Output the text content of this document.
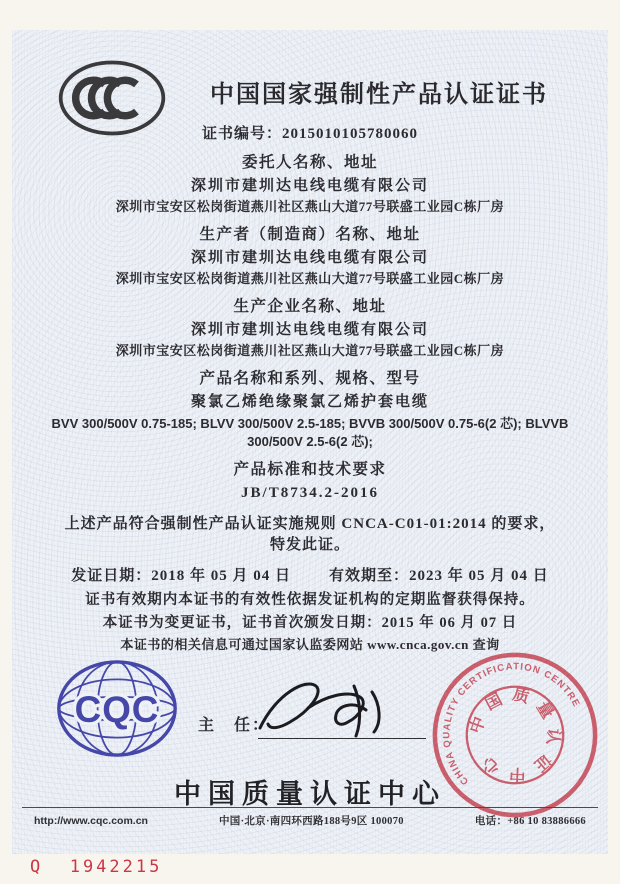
中国国家强制性产品认证证书
证书编号：2015010105780060
委托人名称、地址
深圳市建圳达电线电缆有限公司
深圳市宝安区松岗街道燕川社区燕山大道77号联盛工业园C栋厂房
生产者（制造商）名称、地址
深圳市建圳达电线电缆有限公司
深圳市宝安区松岗街道燕川社区燕山大道77号联盛工业园C栋厂房
生产企业名称、地址
深圳市建圳达电线电缆有限公司
深圳市宝安区松岗街道燕川社区燕山大道77号联盛工业园C栋厂房
产品名称和系列、规格、型号
聚氯乙烯绝缘聚氯乙烯护套电缆
BVV 300/500V 0.75-185; BLVV 300/500V 2.5-185; BVVB 300/500V 0.75-6(2 芯); BLVVB 300/500V 2.5-6(2 芯);
产品标准和技术要求
JB/T8734.2-2016
上述产品符合强制性产品认证实施规则 CNCA-C01-01:2014 的要求，
特发此证。
发证日期：2018 年 05 月 04 日	有效期至：2023 年 05 月 04 日
证书有效期内本证书的有效性依据发证机构的定期监督获得保持。
本证书为变更证书，证书首次颁发日期：2015 年 06 月 07 日
本证书的相关信息可通过国家认监委网站 www.cnca.gov.cn 查询
CQC 主　任：
CHINA QUALITY CERTIFICATION CENTRE
中国质量认证中心
中国质量认证中心
http://www.cqc.com.cn	中国·北京·南四环西路188号9区 100070	电话：+86 10 83886666
Q  1942215
